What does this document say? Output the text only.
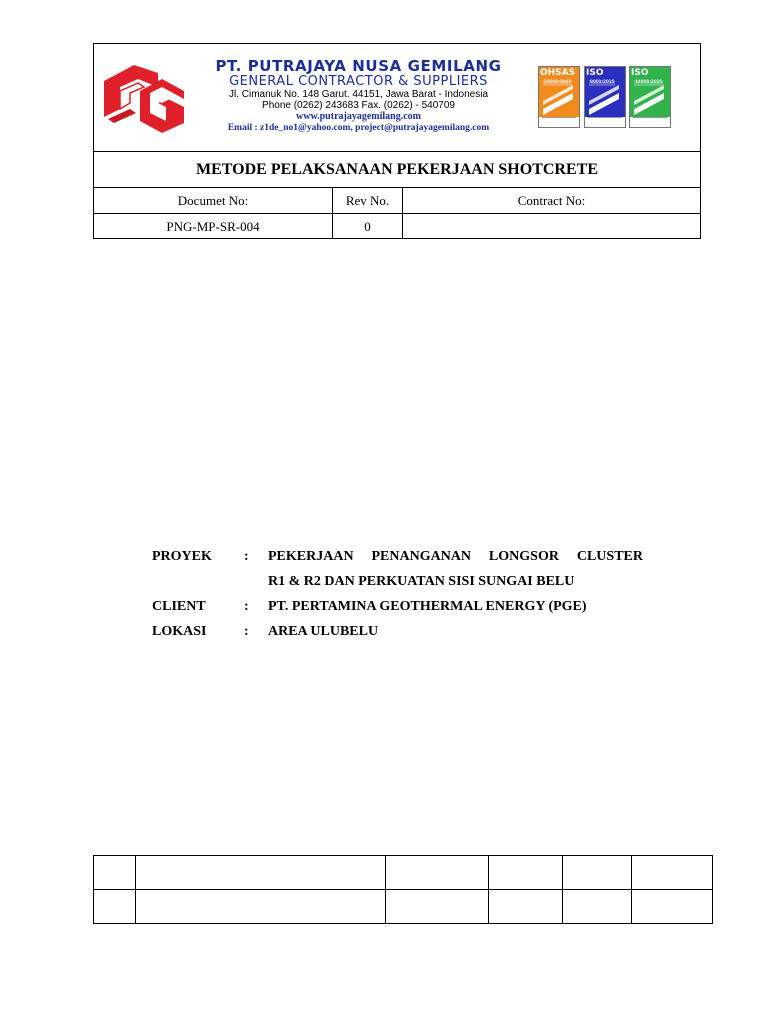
PT. PUTRAJAYA NUSA GEMILANG

GENERAL CONTRACTOR & SUPPLIERS

Jl. Cimanuk No. 148 Garut. 44151, Jawa Barat - Indonesia

Phone (0262) 243683 Fax. (0262) - 540709

www.putrajayagemilang.com

Email : z1de_no1@yahoo.com, project@putrajayagemilang.com

OHSAS
18001:2007
ISO
9001:2015
ISO
14001:2015
METODE PELAKSANAAN PEKERJAAN SHOTCRETE
Documet No:	Rev No.	Contract No:
PNG-MP-SR-004	0
PROYEK : PEKERJAAN PENANGANAN LONGSOR CLUSTER
R1 & R2 DAN PERKUATAN SISI SUNGAI BELU
CLIENT	: PT. PERTAMINA GEOTHERMAL ENERGY (PGE)
LOKASI	: AREA ULUBELU
